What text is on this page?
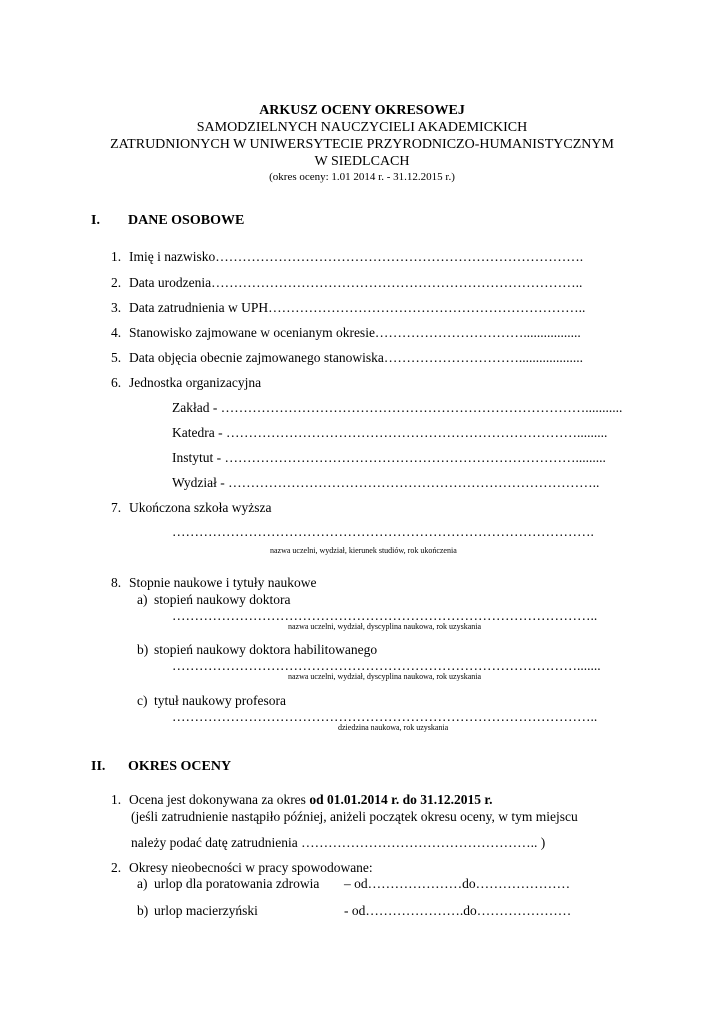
ARKUSZ OCENY OKRESOWEJ
SAMODZIELNYCH NAUCZYCIELI AKADEMICKICH
ZATRUDNIONYCH W UNIWERSYTECIE PRZYRODNICZO-HUMANISTYCZNYM
W SIEDLCACH
(okres oceny: 1.01 2014 r. - 31.12.2015 r.)
I. DANE OSOBOWE
1. Imię i nazwisko……………………………………………………………………….
2. Data urodzenia………………………………………………………………………..
3. Data zatrudnienia w UPH……………………………………………………………..
4. Stanowisko zajmowane w ocenianym okresie…………………………….................
5. Data objęcia obecnie zajmowanego stanowiska…………………………...................
6. Jednostka organizacyjna
Zakład - ………………………………………………………………………...........
Katedra - …………………………………………………………………….........
Instytut - …………………………………………………………………….........
Wydział - ………………………………………………………………………..
7. Ukończona szkoła wyższa
………………………………………………………………………………….
nazwa uczelni, wydział, kierunek studiów, rok ukończenia
8. Stopnie naukowe i tytuły naukowe
a) stopień naukowy doktora
…………………………………………………………………………………..
nazwa uczelni, wydział, dyscyplina naukowa, rok uzyskania
b) stopień naukowy doktora habilitowanego
……………………………………………………………………………….......
nazwa uczelni, wydział, dyscyplina naukowa, rok uzyskania
c) tytuł naukowy profesora
…………………………………………………………………………………..
dziedzina naukowa, rok uzyskania
II. OKRES OCENY
1. Ocena jest dokonywana za okres od 01.01.2014 r. do 31.12.2015 r.
(jeśli zatrudnienie nastąpiło później, aniżeli początek okresu oceny, w tym miejscu
należy podać datę zatrudnienia …………………………………………….. )
2. Okresy nieobecności w pracy spowodowane:
a) urlop dla poratowania zdrowia – od…………………do…………………
b) urlop macierzyński	- od………………….do…………………
